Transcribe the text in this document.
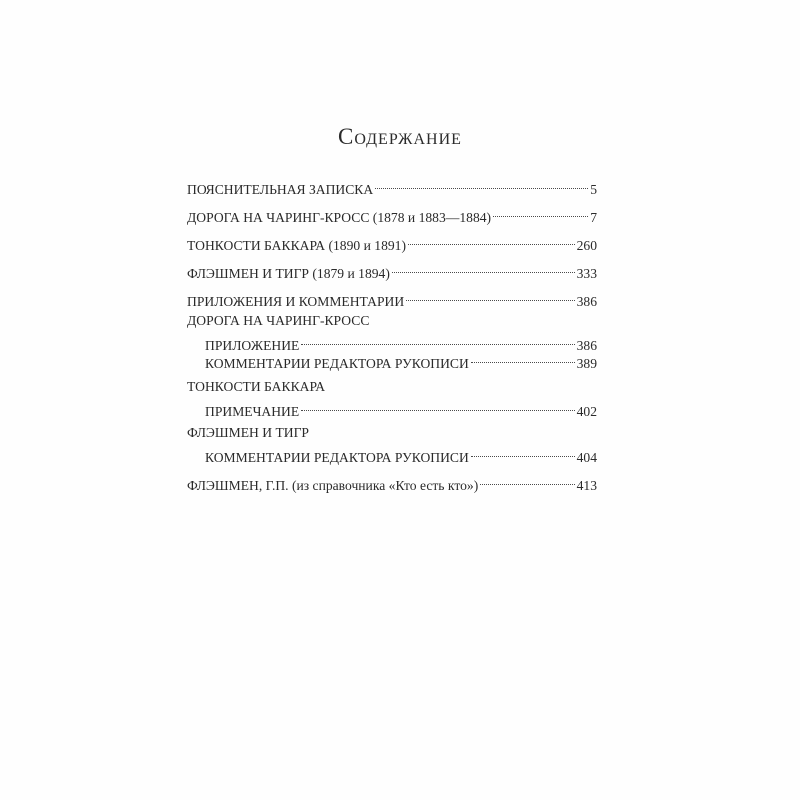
Содержание
ПОЯСНИТЕЛЬНАЯ ЗАПИСКА	5
ДОРОГА НА ЧАРИНГ-КРОСС (1878 и 1883—1884)	7
ТОНКОСТИ БАККАРА (1890 и 1891)	260
ФЛЭШМЕН И ТИГР (1879 и 1894)	333
ПРИЛОЖЕНИЯ И КОММЕНТАРИИ	386
ДОРОГА НА ЧАРИНГ-КРОСС
ПРИЛОЖЕНИЕ	386
КОММЕНТАРИИ РЕДАКТОРА РУКОПИСИ	389
ТОНКОСТИ БАККАРА
ПРИМЕЧАНИЕ	402
ФЛЭШМЕН И ТИГР
КОММЕНТАРИИ РЕДАКТОРА РУКОПИСИ	404
ФЛЭШМЕН, Г.П. (из справочника «Кто есть кто»)	413
